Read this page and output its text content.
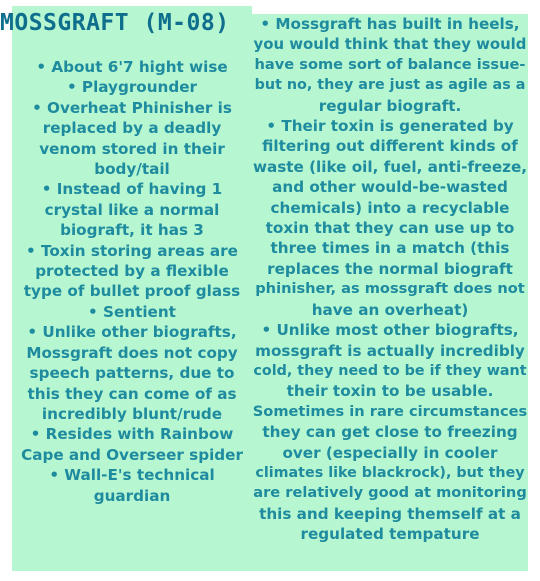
MOSSGRAFT (M-08)
• About 6'7 hight wise
• Playgrounder
• Overheat Phinisher is
replaced by a deadly
venom stored in their
body/tail
• Instead of having 1
crystal like a normal
biograft, it has 3
• Toxin storing areas are
protected by a flexible
type of bullet proof glass
• Sentient
• Unlike other biografts,
Mossgraft does not copy
speech patterns, due to
this they can come of as
incredibly blunt/rude
• Resides with Rainbow
Cape and Overseer spider
• Wall-E's technical
guardian
• Mossgraft has built in heels,
you would think that they would
have some sort of balance issue-
but no, they are just as agile as a
regular biograft.
• Their toxin is generated by
filtering out different kinds of
waste (like oil, fuel, anti-freeze,
and other would-be-wasted
chemicals) into a recyclable
toxin that they can use up to
three times in a match (this
replaces the normal biograft
phinisher, as mossgraft does not
have an overheat)
• Unlike most other biografts,
mossgraft is actually incredibly
cold, they need to be if they want
their toxin to be usable.
Sometimes in rare circumstances
they can get close to freezing
over (especially in cooler
climates like blackrock), but they
are relatively good at monitoring
this and keeping themself at a
regulated tempature
